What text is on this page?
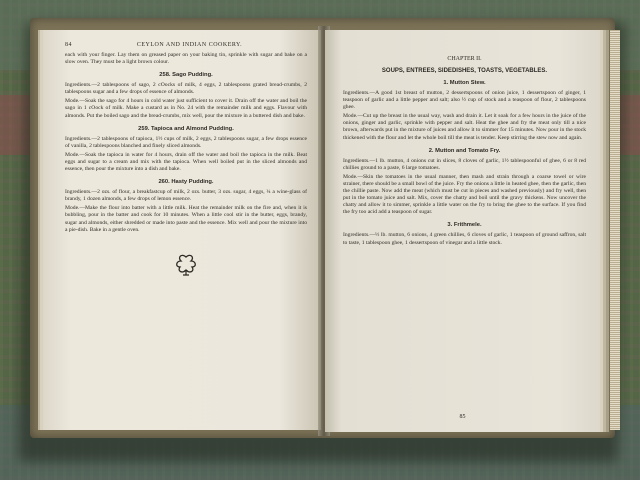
84	CEYLON AND INDIAN COOKERY.
each with your finger. Lay them on greased paper on your baking tin, sprinkle with sugar and bake on a slow oven. They must be a light brown colour.
258. Sago Pudding.
Ingredients.—2 tablespoons of sago, 2 cOocks of milk, 4 eggs, 2 tablespoons grated bread-crumbs, 2 tablespoons sugar and a few drops of essence of almonds.
Mode.—Soak the sago for 4 hours in cold water just sufficient to cover it. Drain off the water and boil the sago in 1 cOock of milk. Make a custard as in No. 24 with the remainder milk and eggs. Flavour with almonds. Put the boiled sago and the bread-crumbs, mix well, pour the mixture in a buttered dish and bake.
259. Tapioca and Almond Pudding.
Ingredients.—2 tablespoons of tapioca, 1½ cups of milk, 2 eggs, 2 tablespoons sugar, a few drops essence of vanilla, 2 tablespoons blanched and finely sliced almonds.
Mode.—Soak the tapioca in water for 4 hours, drain off the water and boil the tapioca in the milk. Beat eggs and sugar to a cream and mix with the tapioca. When well boiled put in the sliced almonds and essence, then pour the mixture into a dish and bake.
260. Hasty Pudding.
Ingredients.—2 ozs. of flour, a breakfastcup of milk, 2 ozs. butter, 3 ozs. sugar, 4 eggs, ¼ a wine-glass of brandy, 1 dozen almonds, a few drops of lemon essence.
Mode.—Make the flour into batter with a little milk. Heat the remainder milk on the fire and, when it is bubbling, pour in the batter and cook for 10 minutes. When a little cool stir in the butter, eggs, brandy, sugar and almonds, either shredded or made into paste and the essence. Mix well and pour the mixture into a pie-dish. Bake in a gentle oven.
CHAPTER II.
SOUPS, ENTREES, SIDEDISHES, TOASTS, VEGETABLES.
1. Mutton Stew.
Ingredients.—A good 1st breast of mutton, 2 dessertspoons of onion juice, 1 dessertspoon of ginger, 1 teaspoon of garlic and a little pepper and salt; also ½ cup of stock and a teaspoon of flour, 2 tablespoons ghee.
Mode.—Cut up the breast in the usual way, wash and drain it. Let it soak for a few hours in the juice of the onions, ginger and garlic, sprinkle with pepper and salt. Heat the ghee and fry the meat only till a nice brown, afterwards put in the mixture of juices and allow it to simmer for 15 minutes. Now pour in the stock thickened with the flour and let the whole boil till the meat is tender. Keep stirring the stew now and again.
2. Mutton and Tomato Fry.
Ingredients.—1 lb. mutton, 4 onions cut in slices, 8 cloves of garlic, 1½ tablespoonful of ghee, 6 or 8 red chillies ground to a paste, 6 large tomatoes.
Mode.—Skin the tomatoes in the usual manner, then mash and strain through a coarse towel or wire strainer, there should be a small bowl of the juice. Fry the onions a little in heated ghee, then the garlic, then the chillie paste. Now add the meat (which must be cut in pieces and washed previously) and fry well, then put in the tomato juice and salt. Mix, cover the chatty and boil until the gravy thickens. Now uncover the chatty and allow it to simmer, sprinkle a little water on the fry to bring the ghee to the surface. If you find the fry too acid add a teaspoon of sugar.
3. Frithmele.
Ingredients.—½ lb. mutton, 6 onions, 4 green chillies, 6 cloves of garlic, 1 teaspoon of ground saffron, salt to taste, 1 tablespoon ghee, 1 dessertspoon of vinegar and a little stock.
85
